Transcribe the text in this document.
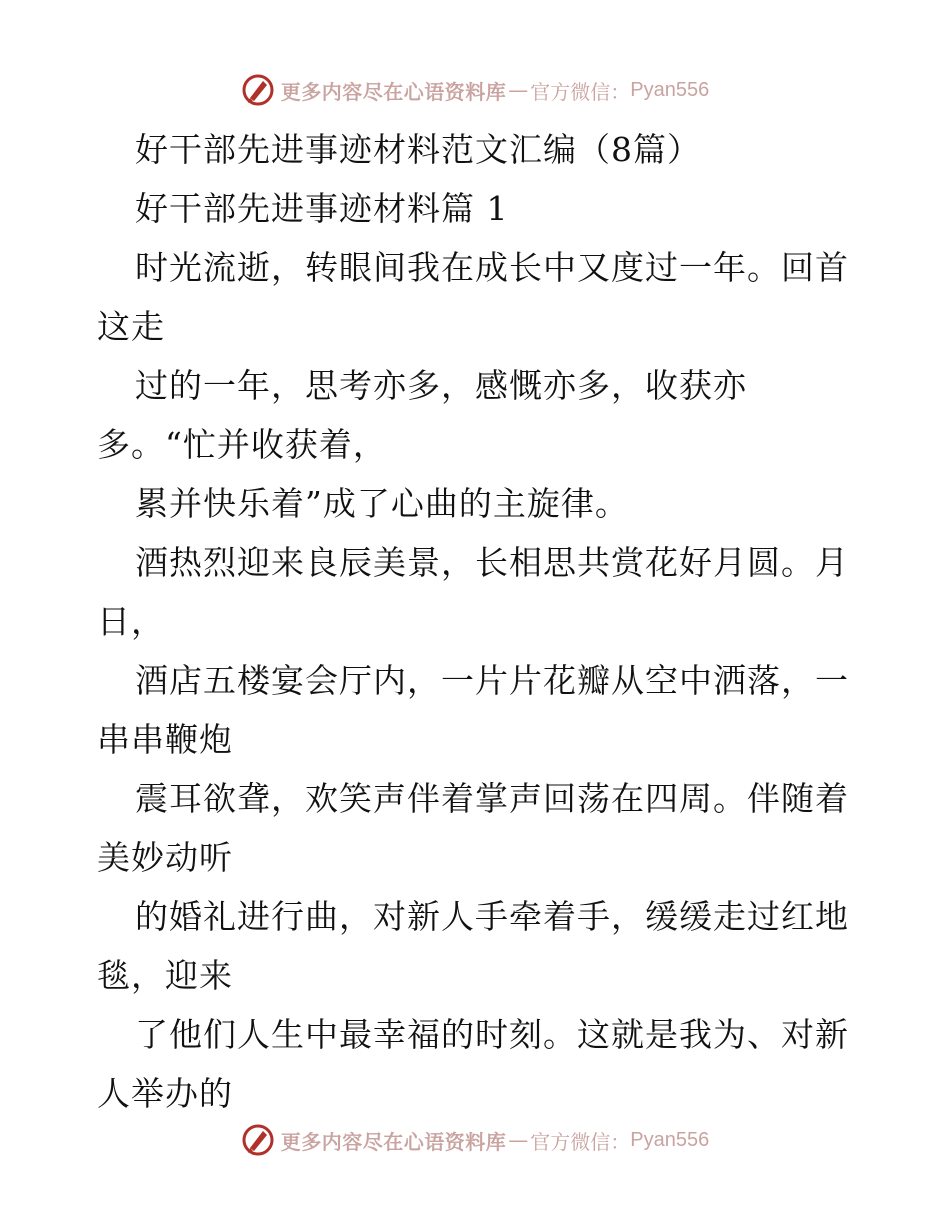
更多内容尽在心语资料库 — 官方微信： Pyan556
好干部先进事迹材料范文汇编（8篇）
好干部先进事迹材料篇 1
时光流逝，转眼间我在成长中又度过一年。回首
这走
过的一年，思考亦多，感慨亦多，收获亦
多。“忙并收获着，
累并快乐着”成了心曲的主旋律。
酒热烈迎来良辰美景，长相思共赏花好月圆。月
日，
酒店五楼宴会厅内，一片片花瓣从空中洒落，一
串串鞭炮
震耳欲聋，欢笑声伴着掌声回荡在四周。伴随着
美妙动听
的婚礼进行曲，对新人手牵着手，缓缓走过红地
毯，迎来
了他们人生中最幸福的时刻。这就是我为、对新
人举办的
更多内容尽在心语资料库 — 官方微信： Pyan556
